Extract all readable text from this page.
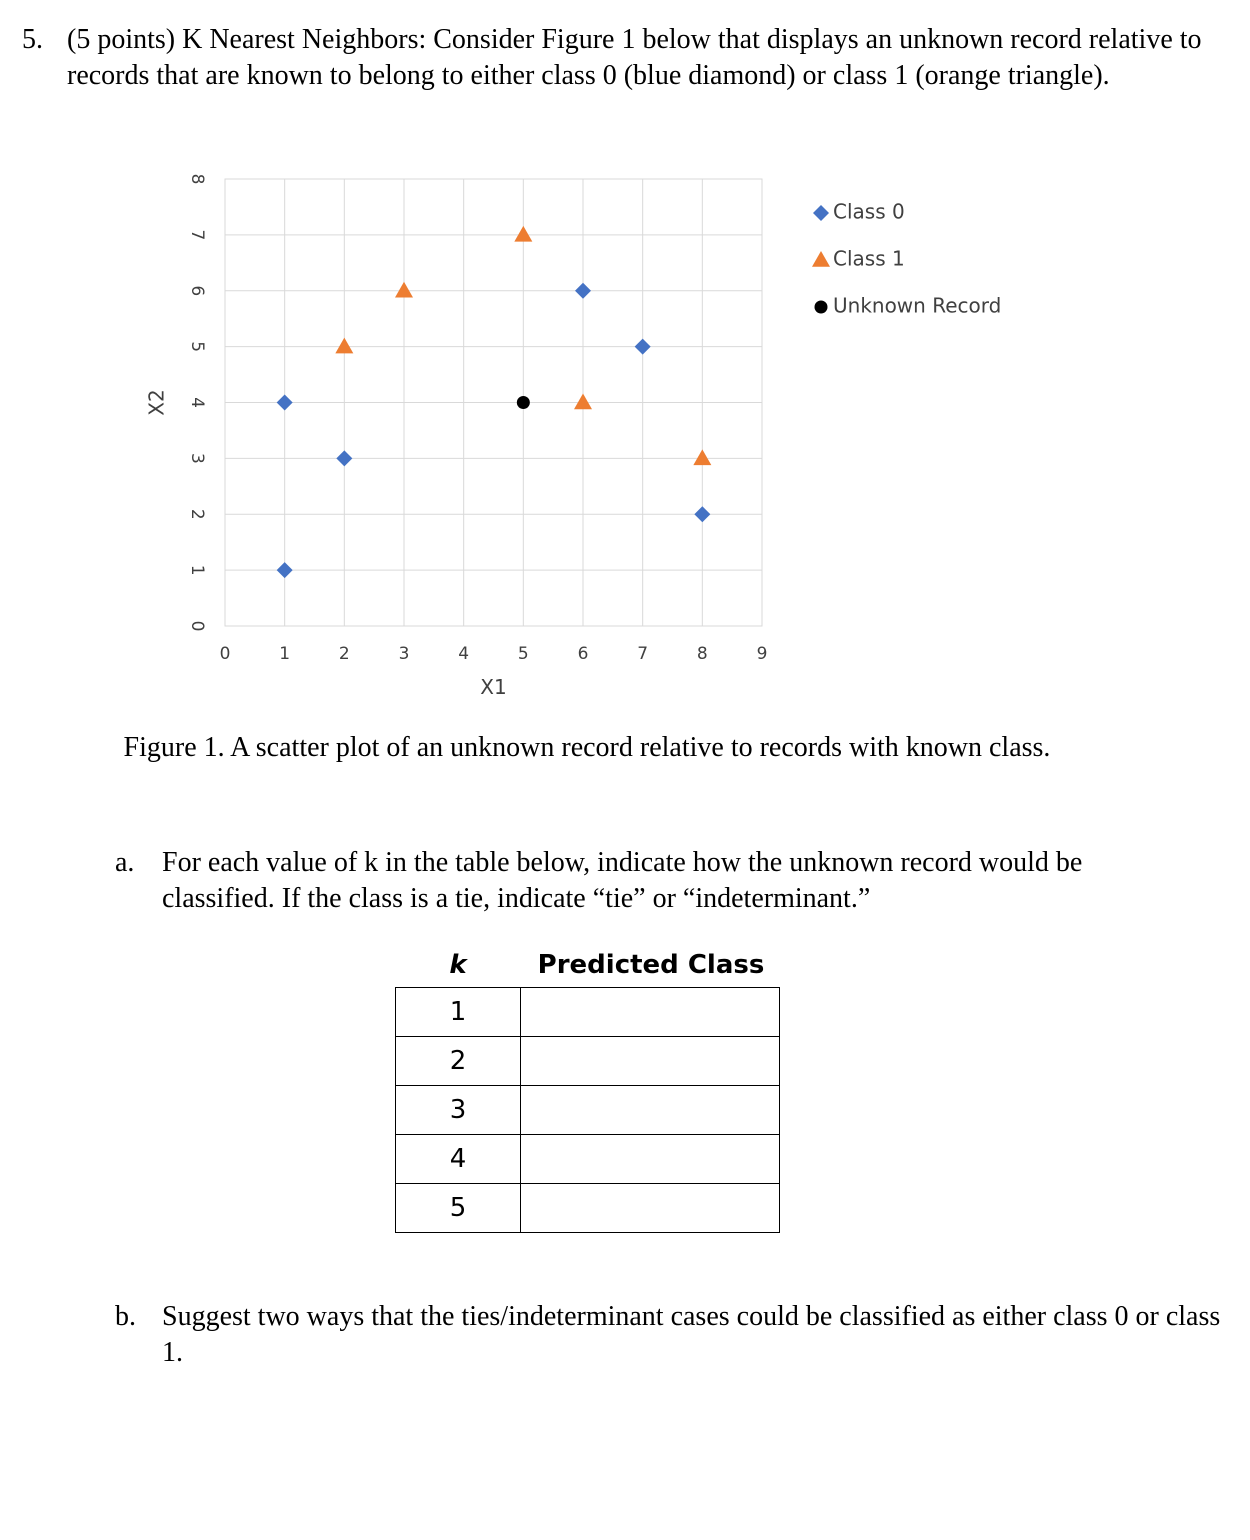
5. (5 points) K Nearest Neighbors: Consider Figure 1 below that displays an unknown record relative to records that are known to belong to either class 0 (blue diamond) or class 1 (orange triangle).
0	1	2	3	4	5	6	7	8	9
0
1
2
3
4
5
6
7
8
X1
X2
Class 0
Class 1
Unknown Record
Figure 1. A scatter plot of an unknown record relative to records with known class.
a. For each value of k in the table below, indicate how the unknown record would be classified. If the class is a tie, indicate “tie” or “indeterminant.”
k	Predicted Class
1	
2	
3	
4	
5	
b. Suggest two ways that the ties/indeterminant cases could be classified as either class 0 or class 1.
